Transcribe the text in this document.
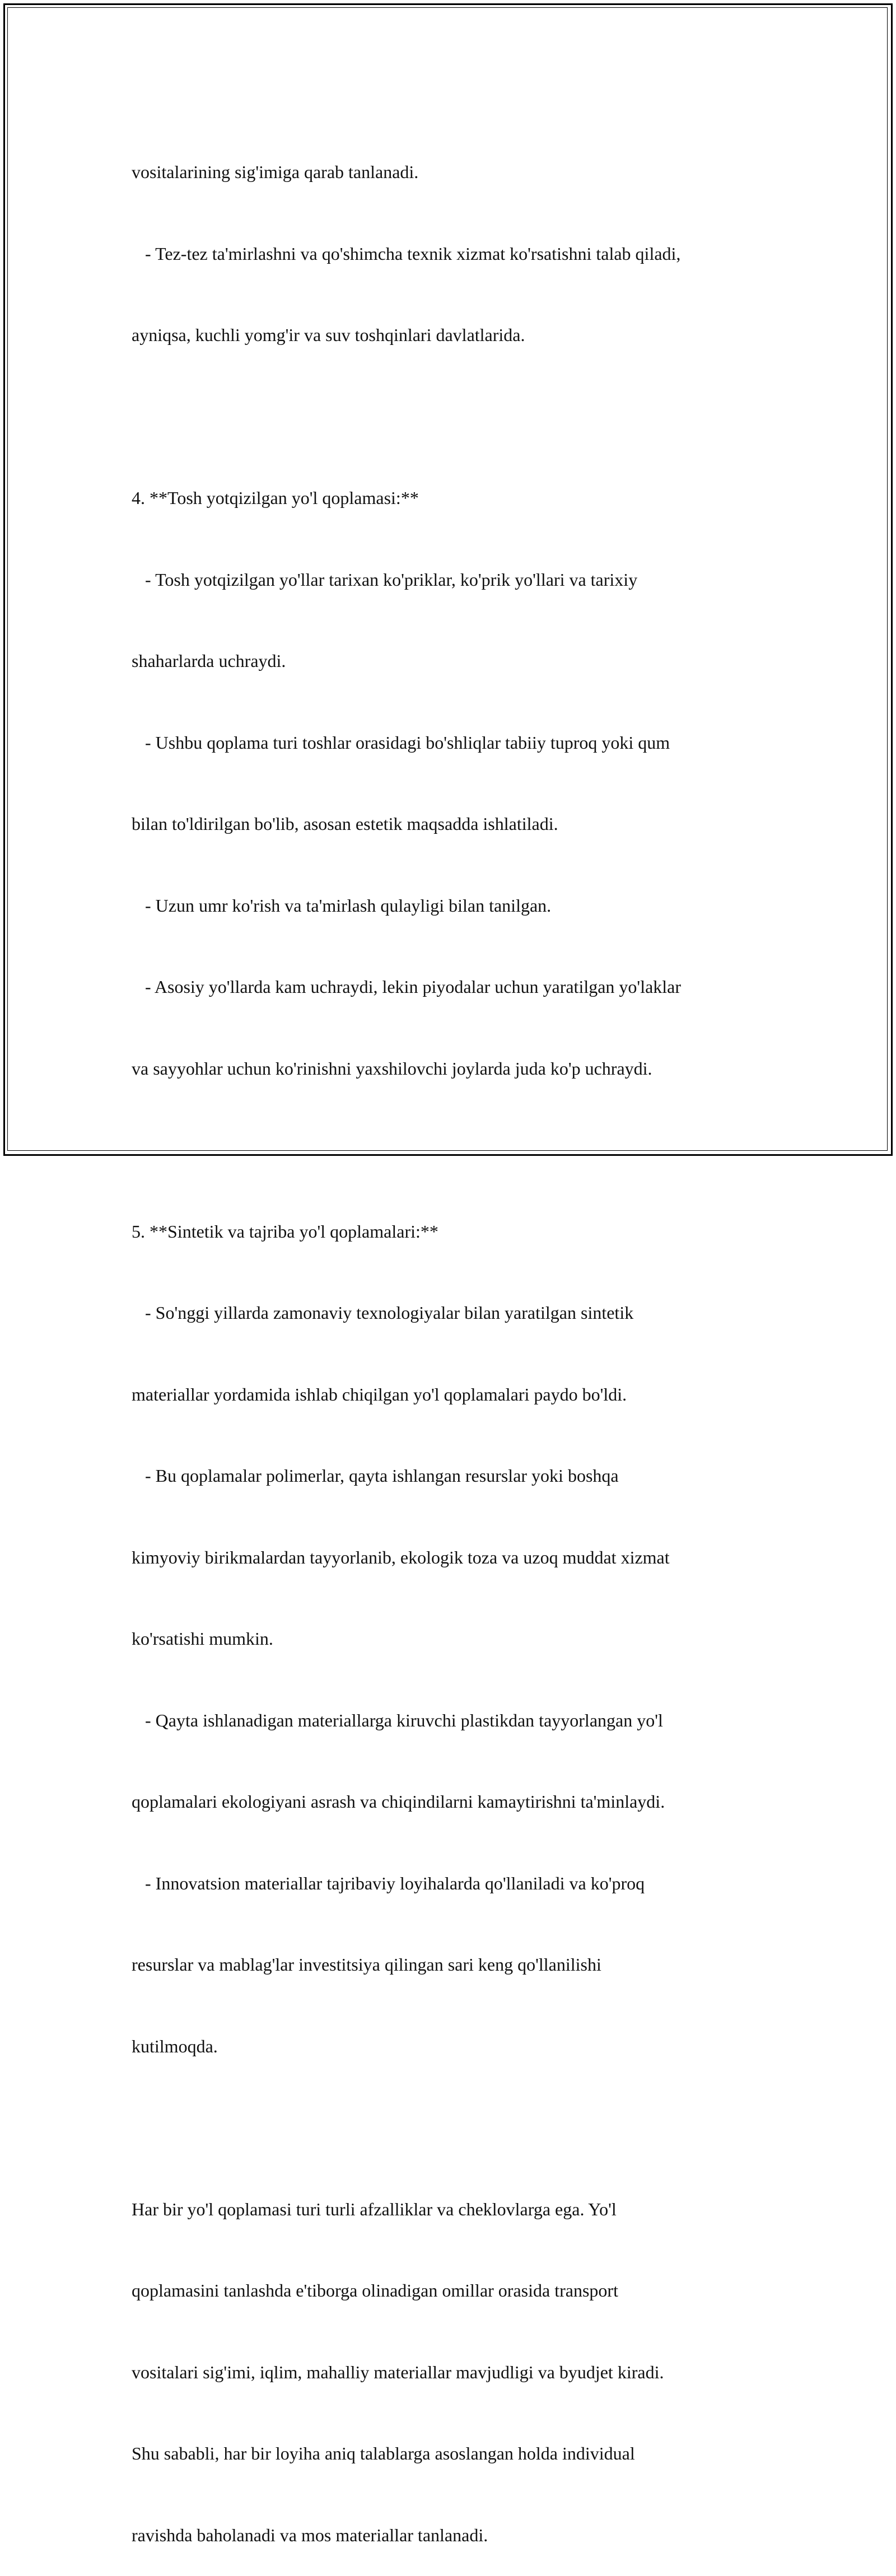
vositalarining sig'imiga qarab tanlanadi.

- Tez-tez ta'mirlashni va qo'shimcha texnik xizmat ko'rsatishni talab qiladi,

ayniqsa, kuchli yomg'ir va suv toshqinlari davlatlarida.

4. **Tosh yotqizilgan yo'l qoplamasi:**

- Tosh yotqizilgan yo'llar tarixan ko'priklar, ko'prik yo'llari va tarixiy

shaharlarda uchraydi.

- Ushbu qoplama turi toshlar orasidagi bo'shliqlar tabiiy tuproq yoki qum

bilan to'ldirilgan bo'lib, asosan estetik maqsadda ishlatiladi.

- Uzun umr ko'rish va ta'mirlash qulayligi bilan tanilgan.

- Asosiy yo'llarda kam uchraydi, lekin piyodalar uchun yaratilgan yo'laklar

va sayyohlar uchun ko'rinishni yaxshilovchi joylarda juda ko'p uchraydi.

5. **Sintetik va tajriba yo'l qoplamalari:**

- So'nggi yillarda zamonaviy texnologiyalar bilan yaratilgan sintetik

materiallar yordamida ishlab chiqilgan yo'l qoplamalari paydo bo'ldi.

- Bu qoplamalar polimerlar, qayta ishlangan resurslar yoki boshqa

kimyoviy birikmalardan tayyorlanib, ekologik toza va uzoq muddat xizmat

ko'rsatishi mumkin.

- Qayta ishlanadigan materiallarga kiruvchi plastikdan tayyorlangan yo'l

qoplamalari ekologiyani asrash va chiqindilarni kamaytirishni ta'minlaydi.

- Innovatsion materiallar tajribaviy loyihalarda qo'llaniladi va ko'proq

resurslar va mablag'lar investitsiya qilingan sari keng qo'llanilishi

kutilmoqda.

Har bir yo'l qoplamasi turi turli afzalliklar va cheklovlarga ega. Yo'l

qoplamasini tanlashda e'tiborga olinadigan omillar orasida transport

vositalari sig'imi, iqlim, mahalliy materiallar mavjudligi va byudjet kiradi.

Shu sababli, har bir loyiha aniq talablarga asoslangan holda individual

ravishda baholanadi va mos materiallar tanlanadi.
